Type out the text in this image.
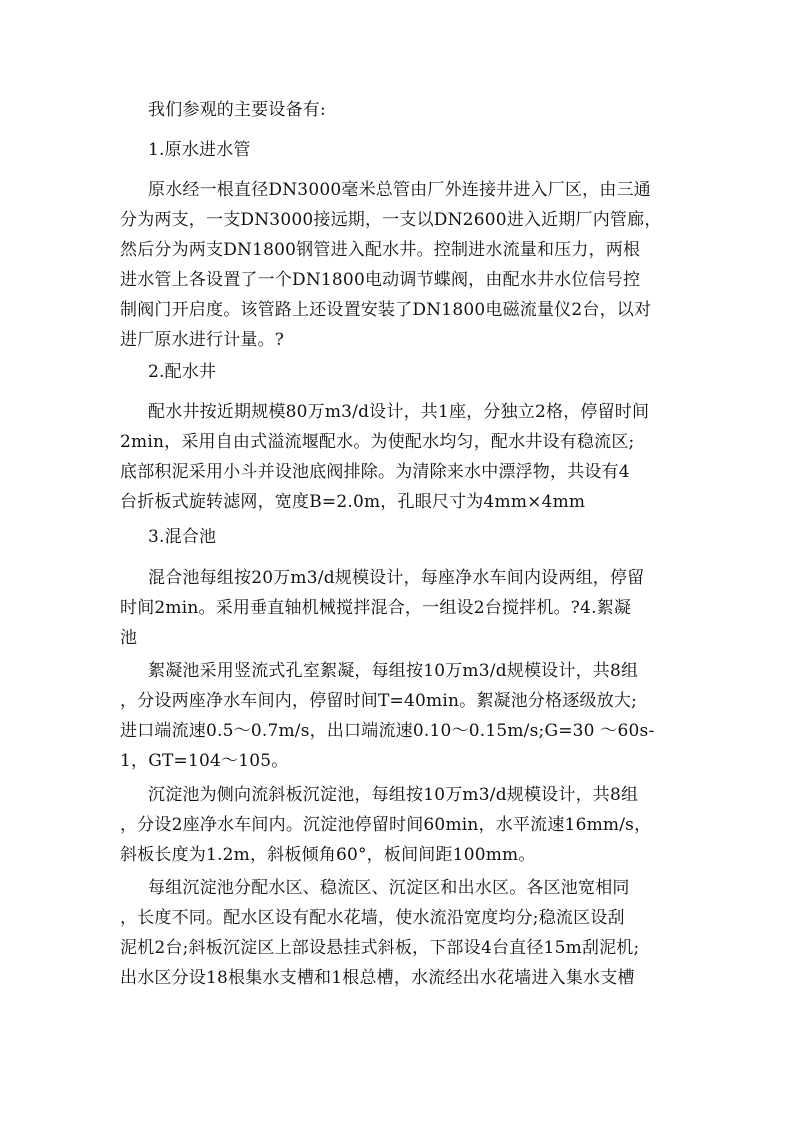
我们参观的主要设备有:
1.原水进水管
原水经一根直径DN3000毫米总管由厂外连接井进入厂区，由三通
分为两支，一支DN3000接远期，一支以DN2600进入近期厂内管廊，
然后分为两支DN1800钢管进入配水井。控制进水流量和压力，两根
进水管上各设置了一个DN1800电动调节蝶阀，由配水井水位信号控
制阀门开启度。该管路上还设置安装了DN1800电磁流量仪2台，以对
进厂原水进行计量。?
2.配水井
配水井按近期规模80万m3/d设计，共1座，分独立2格，停留时间
2min，采用自由式溢流堰配水。为使配水均匀，配水井设有稳流区;
底部积泥采用小斗并设池底阀排除。为清除来水中漂浮物，共设有4
台折板式旋转滤网，宽度B=2.0m，孔眼尺寸为4mm×4mm
3.混合池
混合池每组按20万m3/d规模设计，每座净水车间内设两组，停留
时间2min。采用垂直轴机械搅拌混合，一组设2台搅拌机。?4.絮凝
池
絮凝池采用竖流式孔室絮凝，每组按10万m3/d规模设计，共8组
，分设两座净水车间内，停留时间T=40min。絮凝池分格逐级放大;
进口端流速0.5～0.7m/s，出口端流速0.10～0.15m/s;G=30 ～60s-
1，GT=104～105。
沉淀池为侧向流斜板沉淀池，每组按10万m3/d规模设计，共8组
，分设2座净水车间内。沉淀池停留时间60min，水平流速16mm/s，
斜板长度为1.2m，斜板倾角60°，板间间距100mm。
每组沉淀池分配水区、稳流区、沉淀区和出水区。各区池宽相同
，长度不同。配水区设有配水花墙，使水流沿宽度均分;稳流区设刮
泥机2台;斜板沉淀区上部设悬挂式斜板，下部设4台直径15m刮泥机;
出水区分设18根集水支槽和1根总槽，水流经出水花墙进入集水支槽
